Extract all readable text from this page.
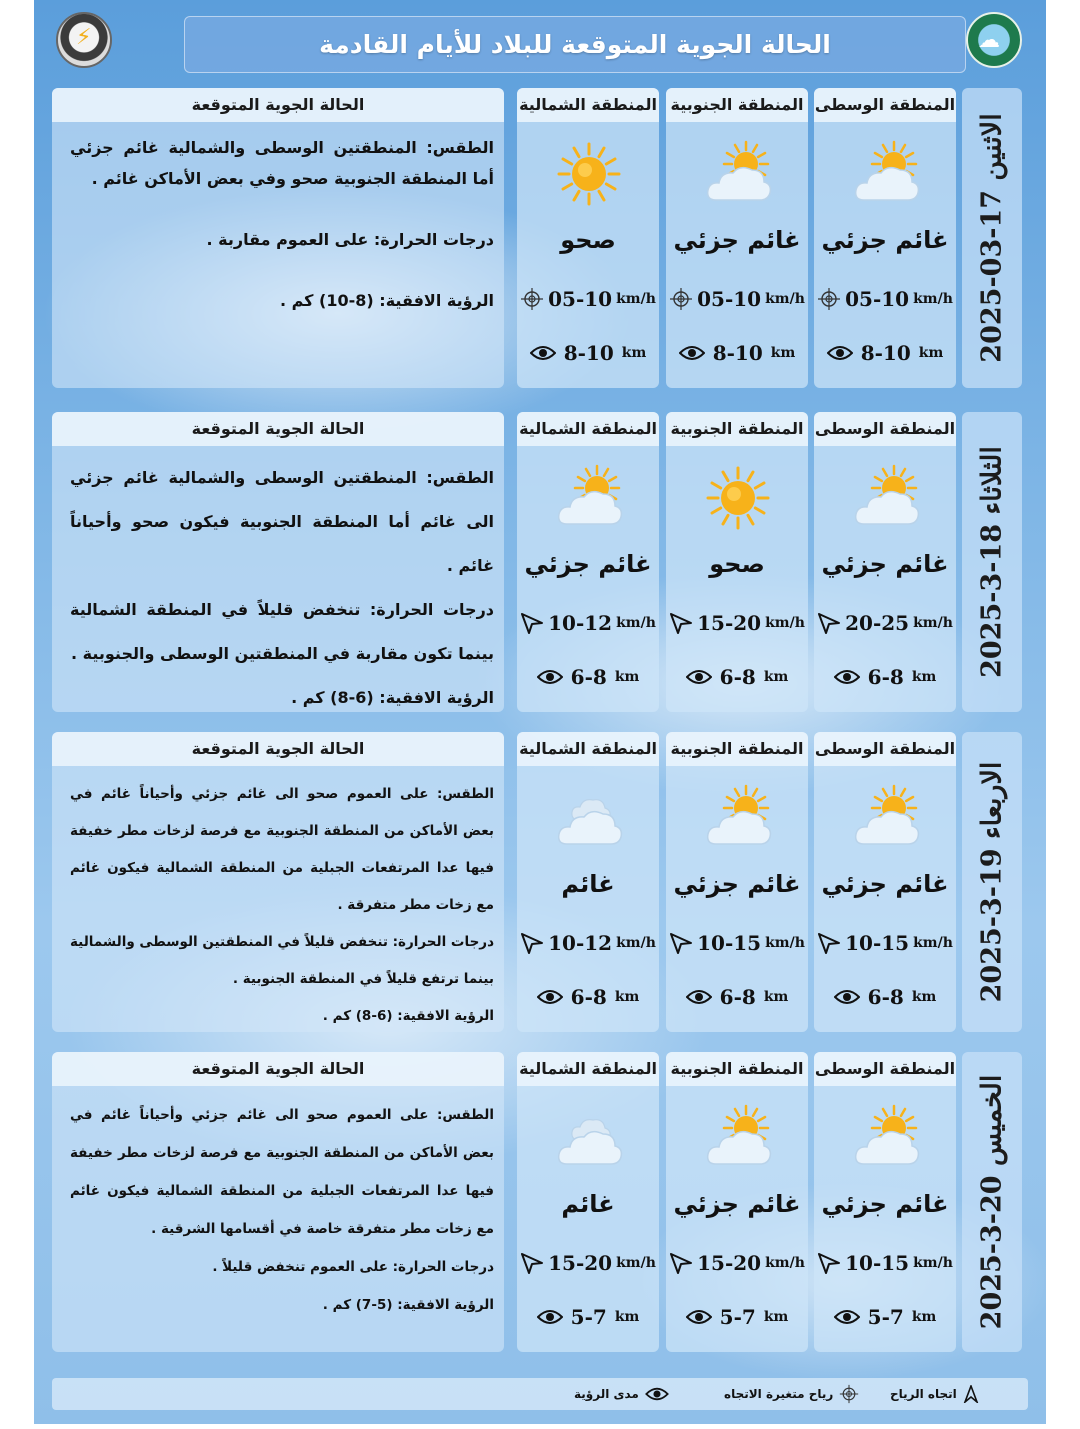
⚡	الحالة الجوية المتوقعة للبلاد للأيام القادمة	☁
2025-03-17 الاثنين
المنطقة الوسطى
غائم جزئي
05-10 km/h
8-10 km
المنطقة الجنوبية
غائم جزئي
05-10 km/h
8-10 km
المنطقة الشمالية
صحو
05-10 km/h
8-10 km
الحالة الجوية المتوقعة

الطقس: المنطقتين الوسطى والشمالية غائم جزئي أما المنطقة الجنوبية صحو وفي بعض الأماكن غائم .

درجات الحرارة: على العموم مقاربة .

الرؤية الافقية: (8-10) كم .

2025-3-18 الثلاثاء
المنطقة الوسطى
غائم جزئي
20-25 km/h
6-8 km
المنطقة الجنوبية
صحو
15-20 km/h
6-8 km
المنطقة الشمالية
غائم جزئي
10-12 km/h
6-8 km
الحالة الجوية المتوقعة

الطقس: المنطقتين الوسطى والشمالية غائم جزئي الى غائم أما المنطقة الجنوبية فيكون صحو وأحياناً غائم .

درجات الحرارة: تنخفض قليلاً في المنطقة الشمالية بينما تكون مقاربة في المنطقتين الوسطى والجنوبية .

الرؤية الافقية: (6-8) كم .

2025-3-19 الاربعاء
المنطقة الوسطى
غائم جزئي
10-15 km/h
6-8 km
المنطقة الجنوبية
غائم جزئي
10-15 km/h
6-8 km
المنطقة الشمالية
غائم
10-12 km/h
6-8 km
الحالة الجوية المتوقعة

الطقس: على العموم صحو الى غائم جزئي وأحياناً غائم في بعض الأماكن من المنطقة الجنوبية مع فرصة لزخات مطر خفيفة فيها عدا المرتفعات الجبلية من المنطقة الشمالية فيكون غائم مع زخات مطر متفرقة .

درجات الحرارة: تنخفض قليلاً في المنطقتين الوسطى والشمالية بينما ترتفع قليلاً في المنطقة الجنوبية .

الرؤية الافقية: (6-8) كم .

2025-3-20 الخميس
المنطقة الوسطى
غائم جزئي
10-15 km/h
5-7 km
المنطقة الجنوبية
غائم جزئي
15-20 km/h
5-7 km
المنطقة الشمالية
غائم
15-20 km/h
5-7 km
الحالة الجوية المتوقعة

الطقس: على العموم صحو الى غائم جزئي وأحياناً غائم في بعض الأماكن من المنطقة الجنوبية مع فرصة لزخات مطر خفيفة فيها عدا المرتفعات الجبلية من المنطقة الشمالية فيكون غائم مع زخات مطر متفرقة خاصة في أقسامها الشرقية .

درجات الحرارة: على العموم تنخفض قليلاً .

الرؤية الافقية: (5-7) كم .

اتجاه الرياح
رياح متغيرة الاتجاه
مدى الرؤية
